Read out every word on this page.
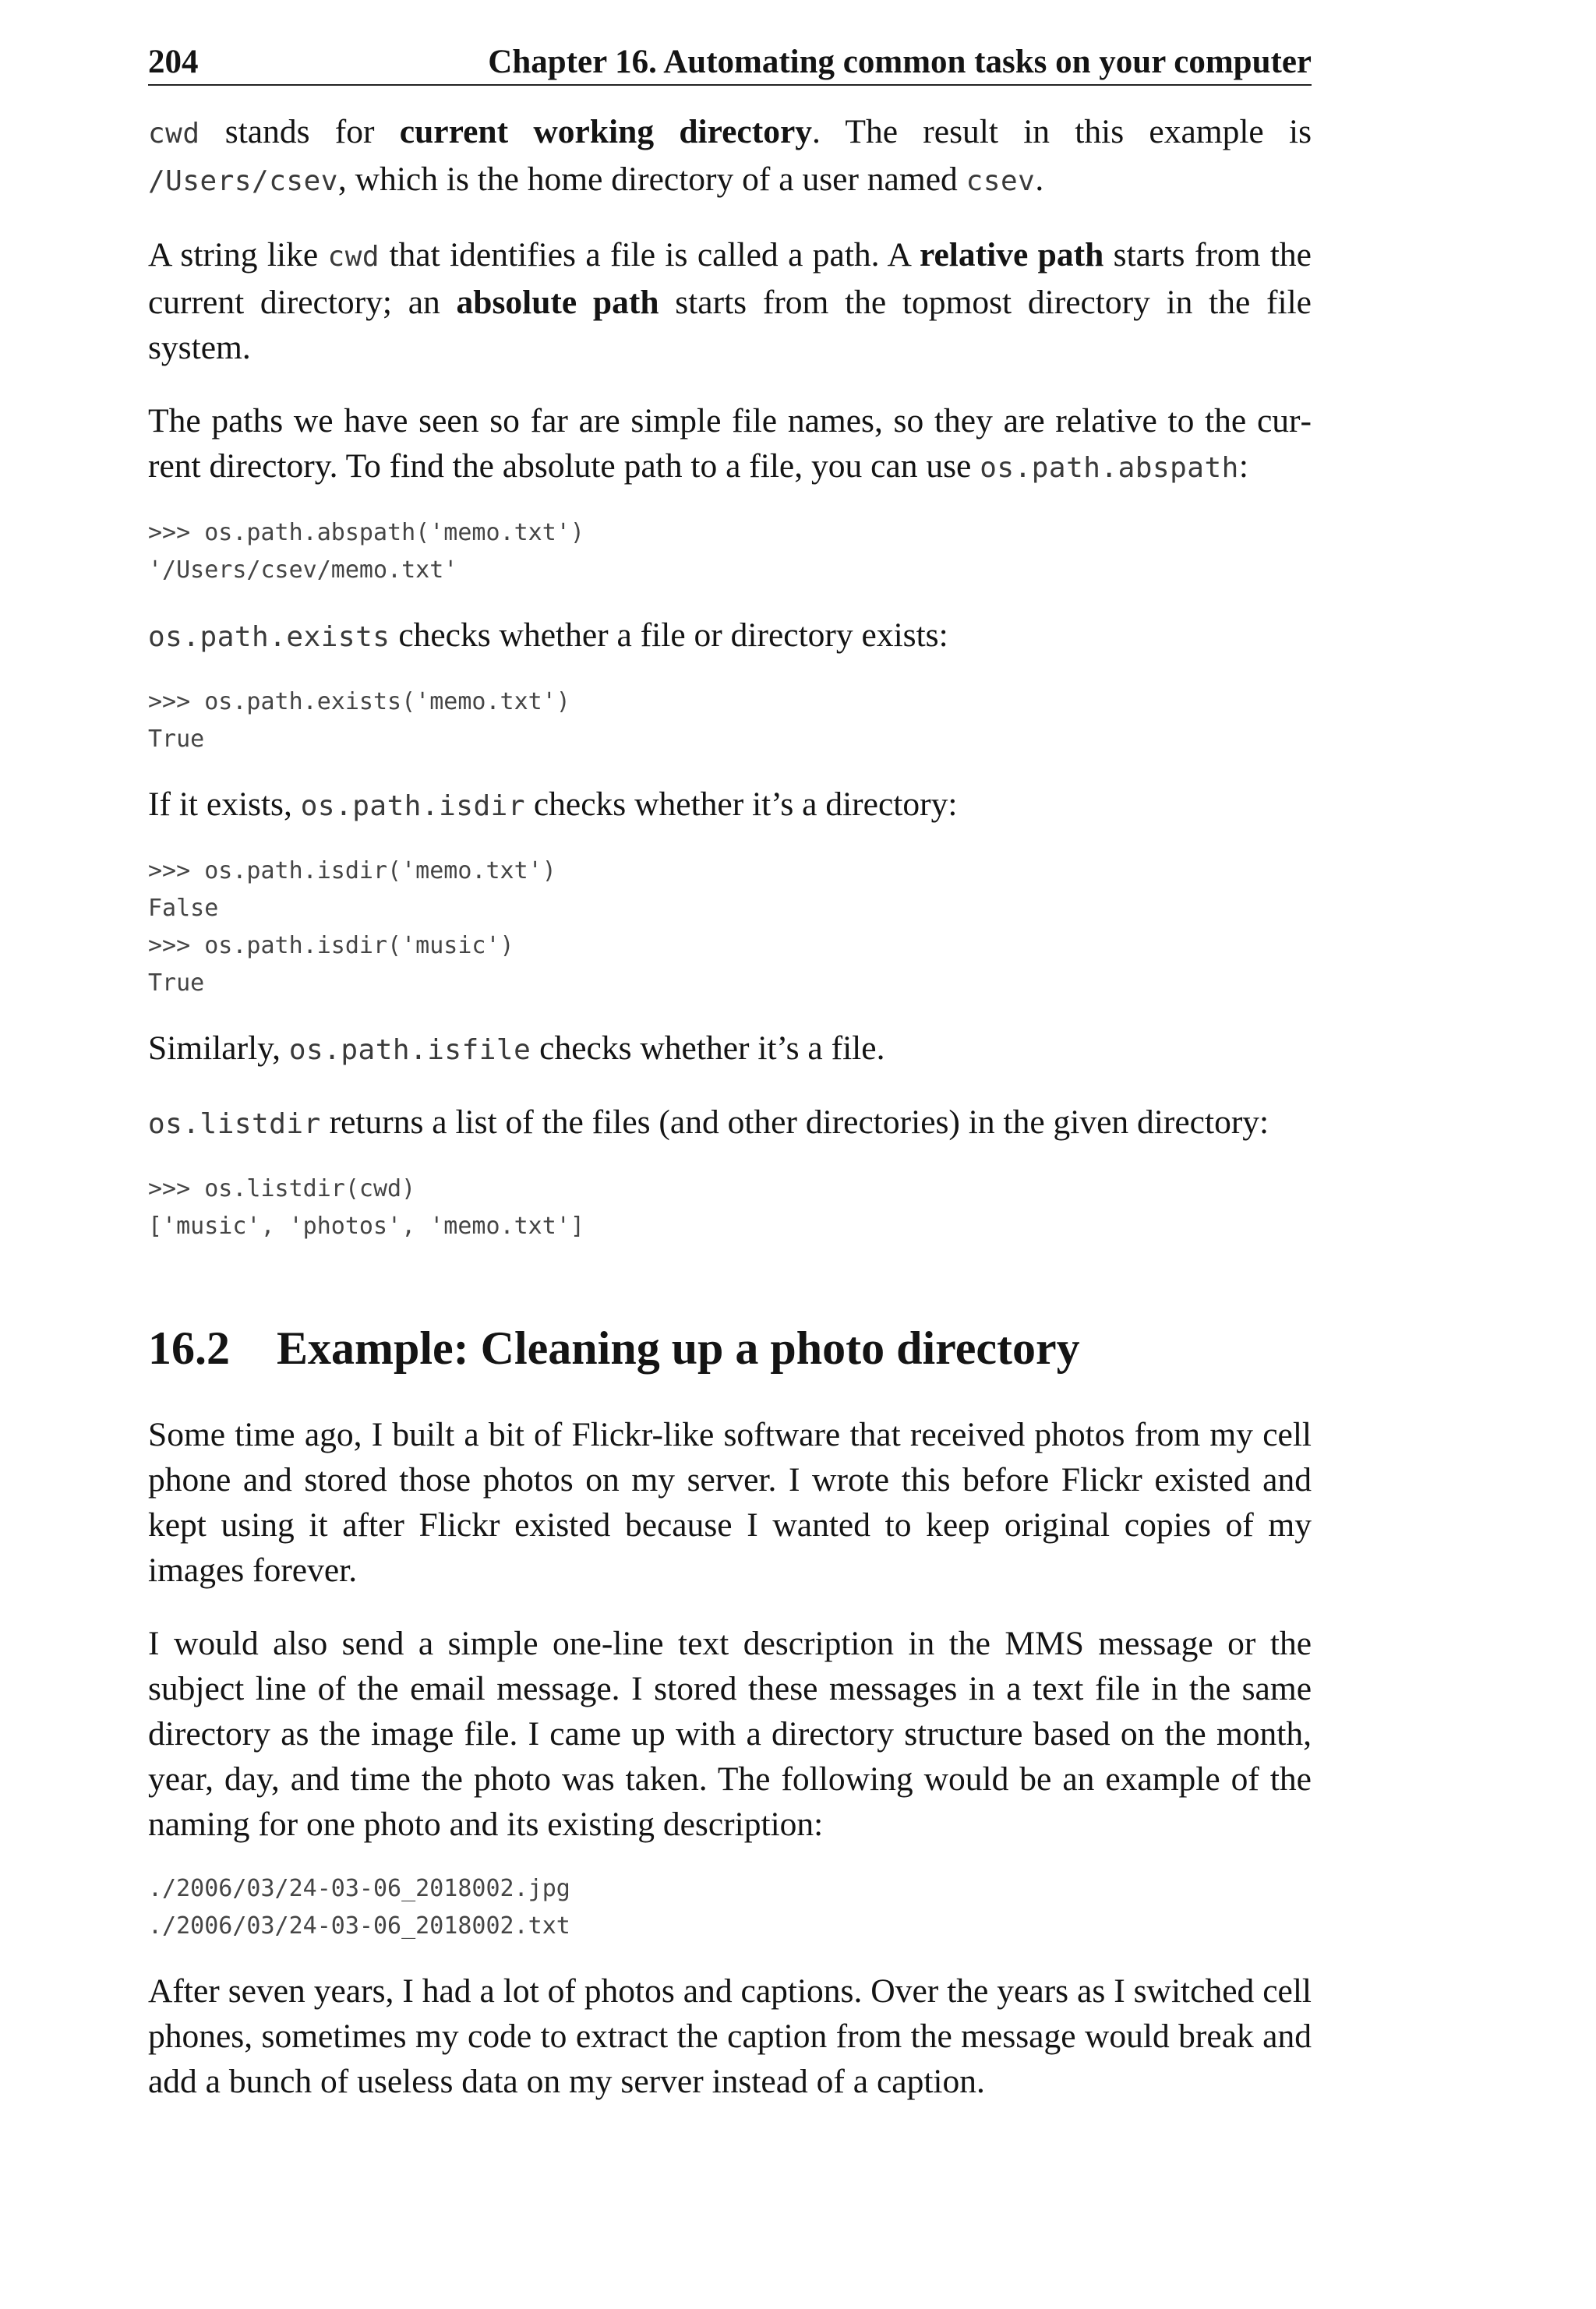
204	Chapter 16. Automating common tasks on your computer

cwd stands for current working directory. The result in this example is /Users/csev, which is the home directory of a user named csev.

A string like cwd that identifies a file is called a path. A relative path starts from the current directory; an absolute path starts from the topmost directory in the file system.

The paths we have seen so far are simple file names, so they are relative to the current directory. To find the absolute path to a file, you can use os.path.abspath:

>>> os.path.abspath('memo.txt')
'/Users/csev/memo.txt'

os.path.exists checks whether a file or directory exists:

>>> os.path.exists('memo.txt')
True

If it exists, os.path.isdir checks whether it’s a directory:

>>> os.path.isdir('memo.txt')
False
>>> os.path.isdir('music')
True

Similarly, os.path.isfile checks whether it’s a file.

os.listdir returns a list of the files (and other directories) in the given directory:

>>> os.listdir(cwd)
['music', 'photos', 'memo.txt']
16.2 Example: Cleaning up a photo directory

Some time ago, I built a bit of Flickr-like software that received photos from my cell phone and stored those photos on my server. I wrote this before Flickr existed and kept using it after Flickr existed because I wanted to keep original copies of my images forever.

I would also send a simple one-line text description in the MMS message or the subject line of the email message. I stored these messages in a text file in the same directory as the image file. I came up with a directory structure based on the month, year, day, and time the photo was taken. The following would be an example of the naming for one photo and its existing description:

./2006/03/24-03-06_2018002.jpg
./2006/03/24-03-06_2018002.txt

After seven years, I had a lot of photos and captions. Over the years as I switched cell phones, sometimes my code to extract the caption from the message would break and add a bunch of useless data on my server instead of a caption.
